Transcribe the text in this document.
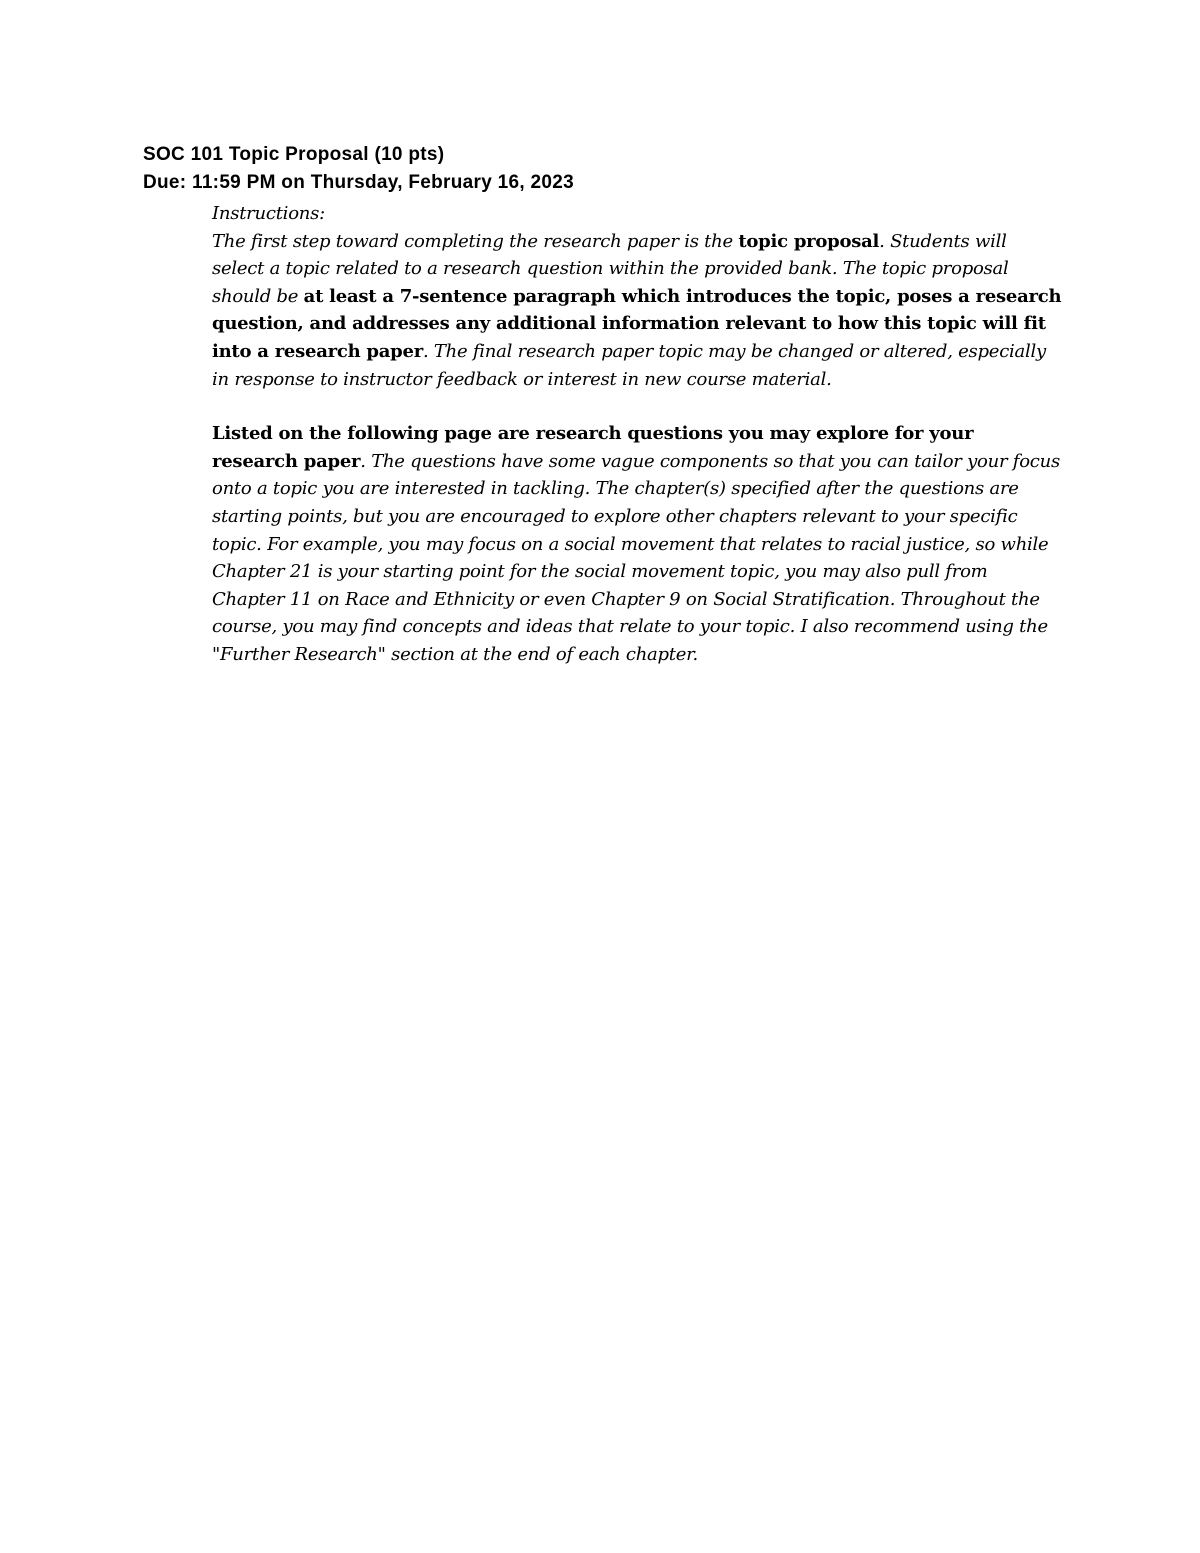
SOC 101 Topic Proposal (10 pts)
Due: 11:59 PM on Thursday, February 16, 2023

Instructions:

The first step toward completing the research paper is the topic proposal. Students will select a topic related to a research question within the provided bank. The topic proposal should be at least a 7-sentence paragraph which introduces the topic, poses a research question, and addresses any additional information relevant to how this topic will fit into a research paper. The final research paper topic may be changed or altered, especially in response to instructor feedback or interest in new course material.

Listed on the following page are research questions you may explore for your research paper. The questions have some vague components so that you can tailor your focus onto a topic you are interested in tackling. The chapter(s) specified after the questions are starting points, but you are encouraged to explore other chapters relevant to your specific topic. For example, you may focus on a social movement that relates to racial justice, so while Chapter 21 is your starting point for the social movement topic, you may also pull from Chapter 11 on Race and Ethnicity or even Chapter 9 on Social Stratification. Throughout the course, you may find concepts and ideas that relate to your topic. I also recommend using the "Further Research" section at the end of each chapter.
